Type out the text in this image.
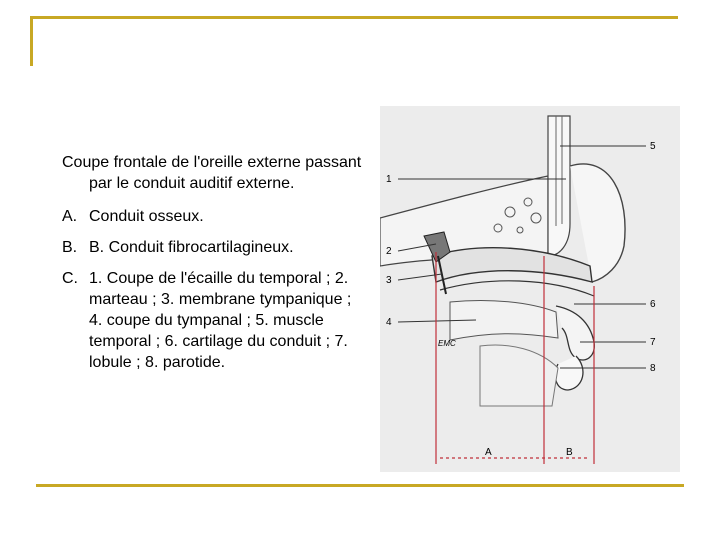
Coupe frontale de l'oreille externe passant par le conduit auditif externe.

A. Conduit osseux.
B. B. Conduit fibrocartilagineux.
C. 1. Coupe de l'écaille du temporal ; 2. marteau ; 3. membrane tympanique ; 4. coupe du tympanal ; 5. muscle temporal ; 6. cartilage du conduit ; 7. lobule ; 8. parotide.
1
2
3
4
5
6
7
8
A	B
EMC
